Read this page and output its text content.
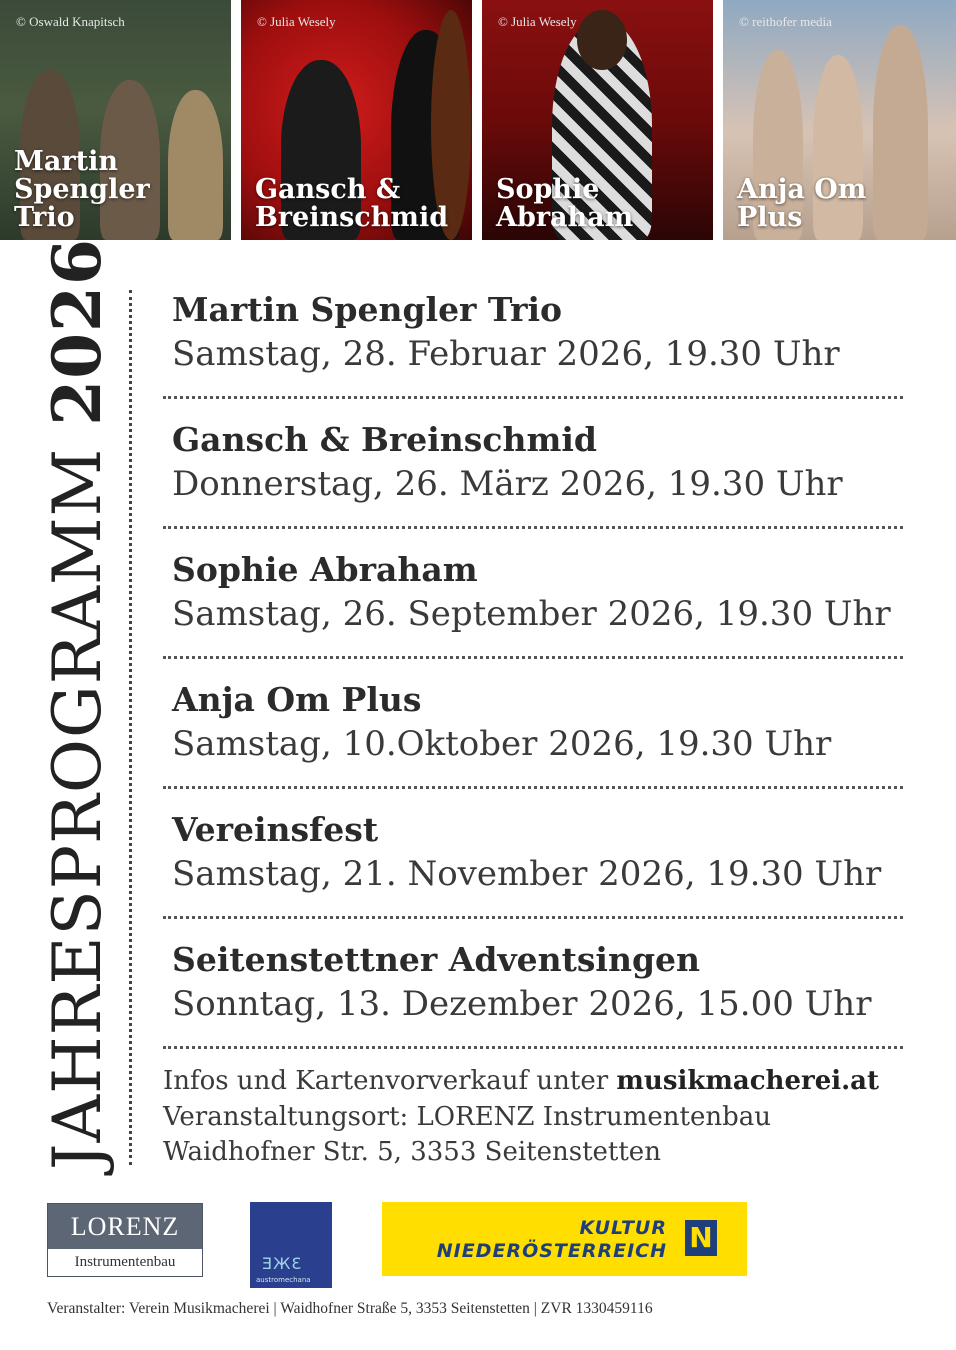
© Oswald Knapitsch
Martin
Spengler
Trio
© Julia Wesely
Gansch &
Breinschmid
© Julia Wesely
Sophie
Abraham
© reithofer media
Anja Om
Plus
JAHRESPROGRAMM 2026 Martin Spengler Trio
Samstag, 28. Februar 2026, 19.30 Uhr
Gansch & Breinschmid
Donnerstag, 26. März 2026, 19.30 Uhr
Sophie Abraham
Samstag, 26. September 2026, 19.30 Uhr
Anja Om Plus
Samstag, 10.Oktober 2026, 19.30 Uhr
Vereinsfest
Samstag, 21. November 2026, 19.30 Uhr
Seitenstettner Adventsingen
Sonntag, 13. Dezember 2026, 15.00 Uhr
Infos und Kartenvorverkauf unter musikmacherei.at
Veranstaltungsort: LORENZ Instrumentenbau
Waidhofner Str. 5, 3353 Seitenstetten
LORENZ
Instrumentenbau	ƎЖƐ
austromechana
KULTUR
NIEDERÖSTERREICH N
Veranstalter: Verein Musikmacherei | Waidhofner Straße 5, 3353 Seitenstetten | ZVR 1330459116
